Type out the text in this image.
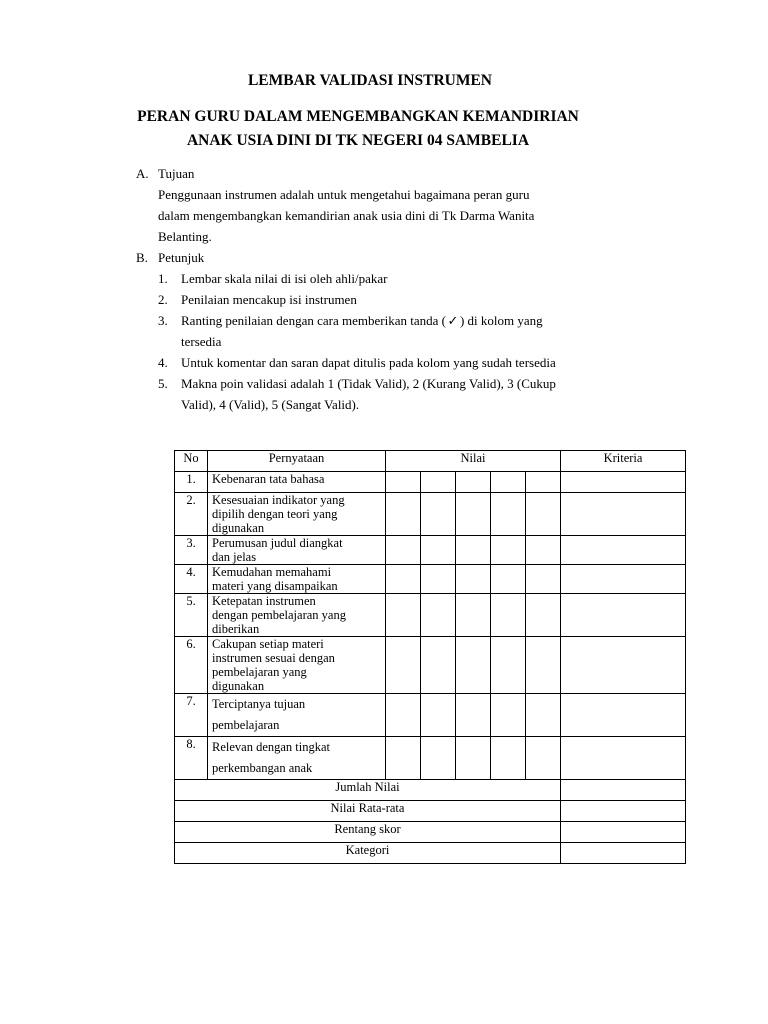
LEMBAR VALIDASI INSTRUMEN
PERAN GURU DALAM MENGEMBANGKAN KEMANDIRIAN
ANAK USIA DINI DI TK NEGERI 04 SAMBELIA
A. Tujuan
Penggunaan instrumen adalah untuk mengetahui bagaimana peran guru
dalam mengembangkan kemandirian anak usia dini di Tk Darma Wanita
Belanting.
B. Petunjuk
1. Lembar skala nilai di isi oleh ahli/pakar
2. Penilaian mencakup isi instrumen
3. Ranting penilaian dengan cara memberikan tanda ( ✓ ) di kolom yang
tersedia
4. Untuk komentar dan saran dapat ditulis pada kolom yang sudah tersedia
5. Makna poin validasi adalah 1 (Tidak Valid), 2 (Kurang Valid), 3 (Cukup
Valid), 4 (Valid), 5 (Sangat Valid).
No	Pernyataan	Nilai					Kriteria
1.	Kebenaran tata bahasa						

2.	Kesesuaian indikator yang
dipilih dengan teori yang
digunakan						

3.	Perumusan judul diangkat
dan jelas						

4.	Kemudahan memahami
materi yang disampaikan						

5.	Ketepatan instrumen
dengan pembelajaran yang
diberikan						

6.	Cakupan setiap materi
instrumen sesuai dengan
pembelajaran yang
digunakan						

7.	Terciptanya tujuan
pembelajaran						

8.	Relevan dengan tingkat
perkembangan anak						

Jumlah Nilai							
Nilai Rata-rata							
Rentang skor							
Kategori							
